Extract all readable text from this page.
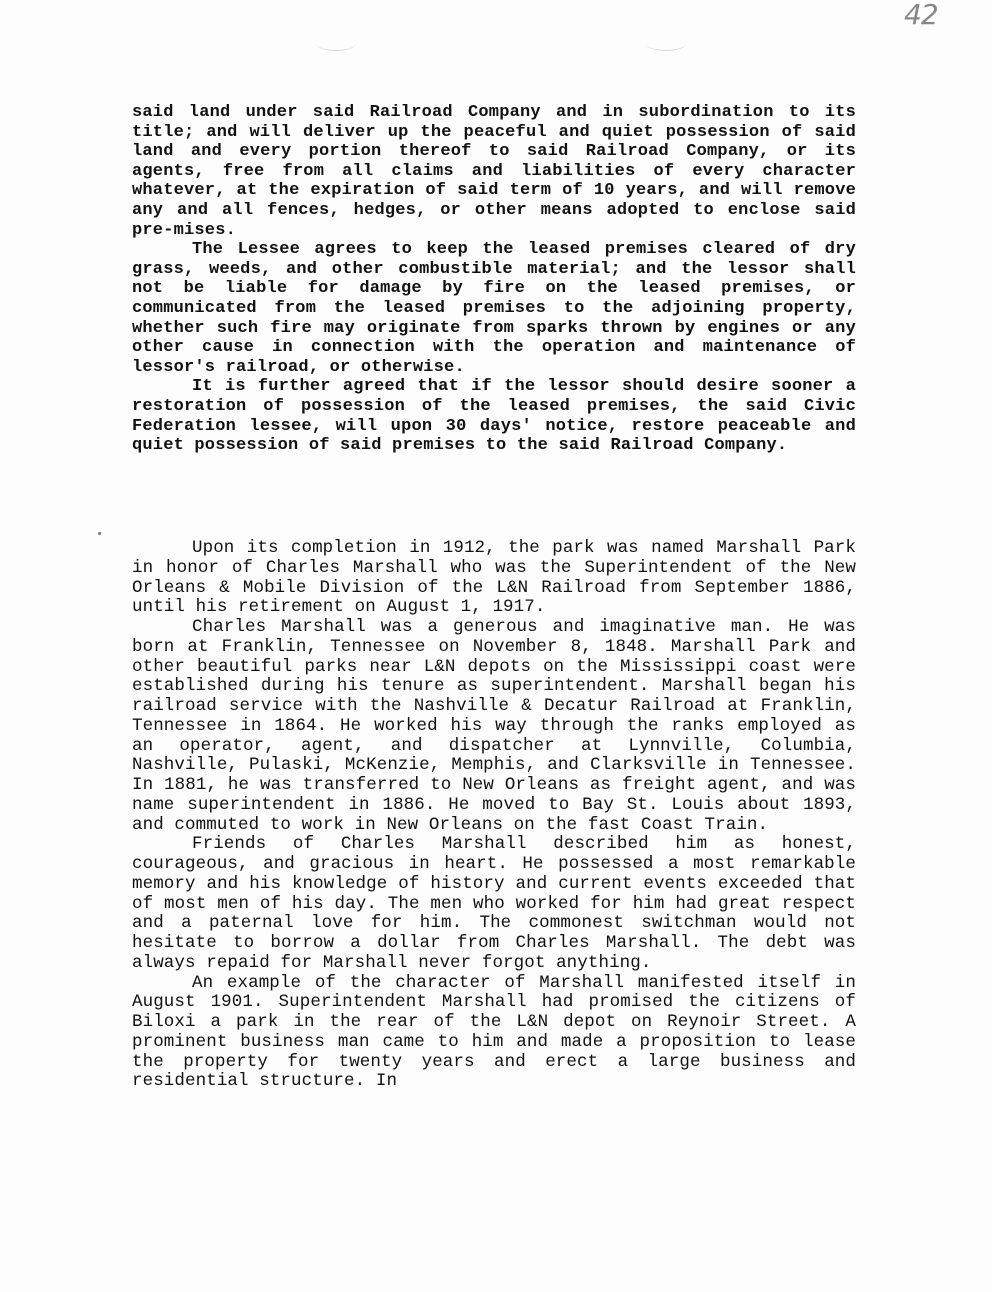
42

said land under said Railroad Company and in subordination to its title; and will deliver up the peaceful and quiet possession of said land and every portion thereof to said Railroad Company, or its agents, free from all claims and liabilities of every character whatever, at the expiration of said term of 10 years, and will remove any and all fences, hedges, or other means adopted to enclose said pre-mises.

The Lessee agrees to keep the leased premises cleared of dry grass, weeds, and other combustible material; and the lessor shall not be liable for damage by fire on the leased premises, or communicated from the leased premises to the adjoining property, whether such fire may originate from sparks thrown by engines or any other cause in connection with the operation and maintenance of lessor's railroad, or otherwise.

It is further agreed that if the lessor should desire sooner a restoration of possession of the leased premises, the said Civic Federation lessee, will upon 30 days' notice, restore peaceable and quiet possession of said premises to the said Railroad Company.

Upon its completion in 1912, the park was named Marshall Park in honor of Charles Marshall who was the Superintendent of the New Orleans & Mobile Division of the L&N Railroad from September 1886, until his retirement on August 1, 1917.

Charles Marshall was a generous and imaginative man. He was born at Franklin, Tennessee on November 8, 1848. Marshall Park and other beautiful parks near L&N depots on the Mississippi coast were established during his tenure as superintendent. Marshall began his railroad service with the Nashville & Decatur Railroad at Franklin, Tennessee in 1864. He worked his way through the ranks employed as an operator, agent, and dispatcher at Lynnville, Columbia, Nashville, Pulaski, McKenzie, Memphis, and Clarksville in Tennessee. In 1881, he was transferred to New Orleans as freight agent, and was name superintendent in 1886. He moved to Bay St. Louis about 1893, and commuted to work in New Orleans on the fast Coast Train.

Friends of Charles Marshall described him as honest, courageous, and gracious in heart. He possessed a most remarkable memory and his knowledge of history and current events exceeded that of most men of his day. The men who worked for him had great respect and a paternal love for him. The commonest switchman would not hesitate to borrow a dollar from Charles Marshall. The debt was always repaid for Marshall never forgot anything.

An example of the character of Marshall manifested itself in August 1901. Superintendent Marshall had promised the citizens of Biloxi a park in the rear of the L&N depot on Reynoir Street. A prominent business man came to him and made a proposition to lease the property for twenty years and erect a large business and residential structure. In
